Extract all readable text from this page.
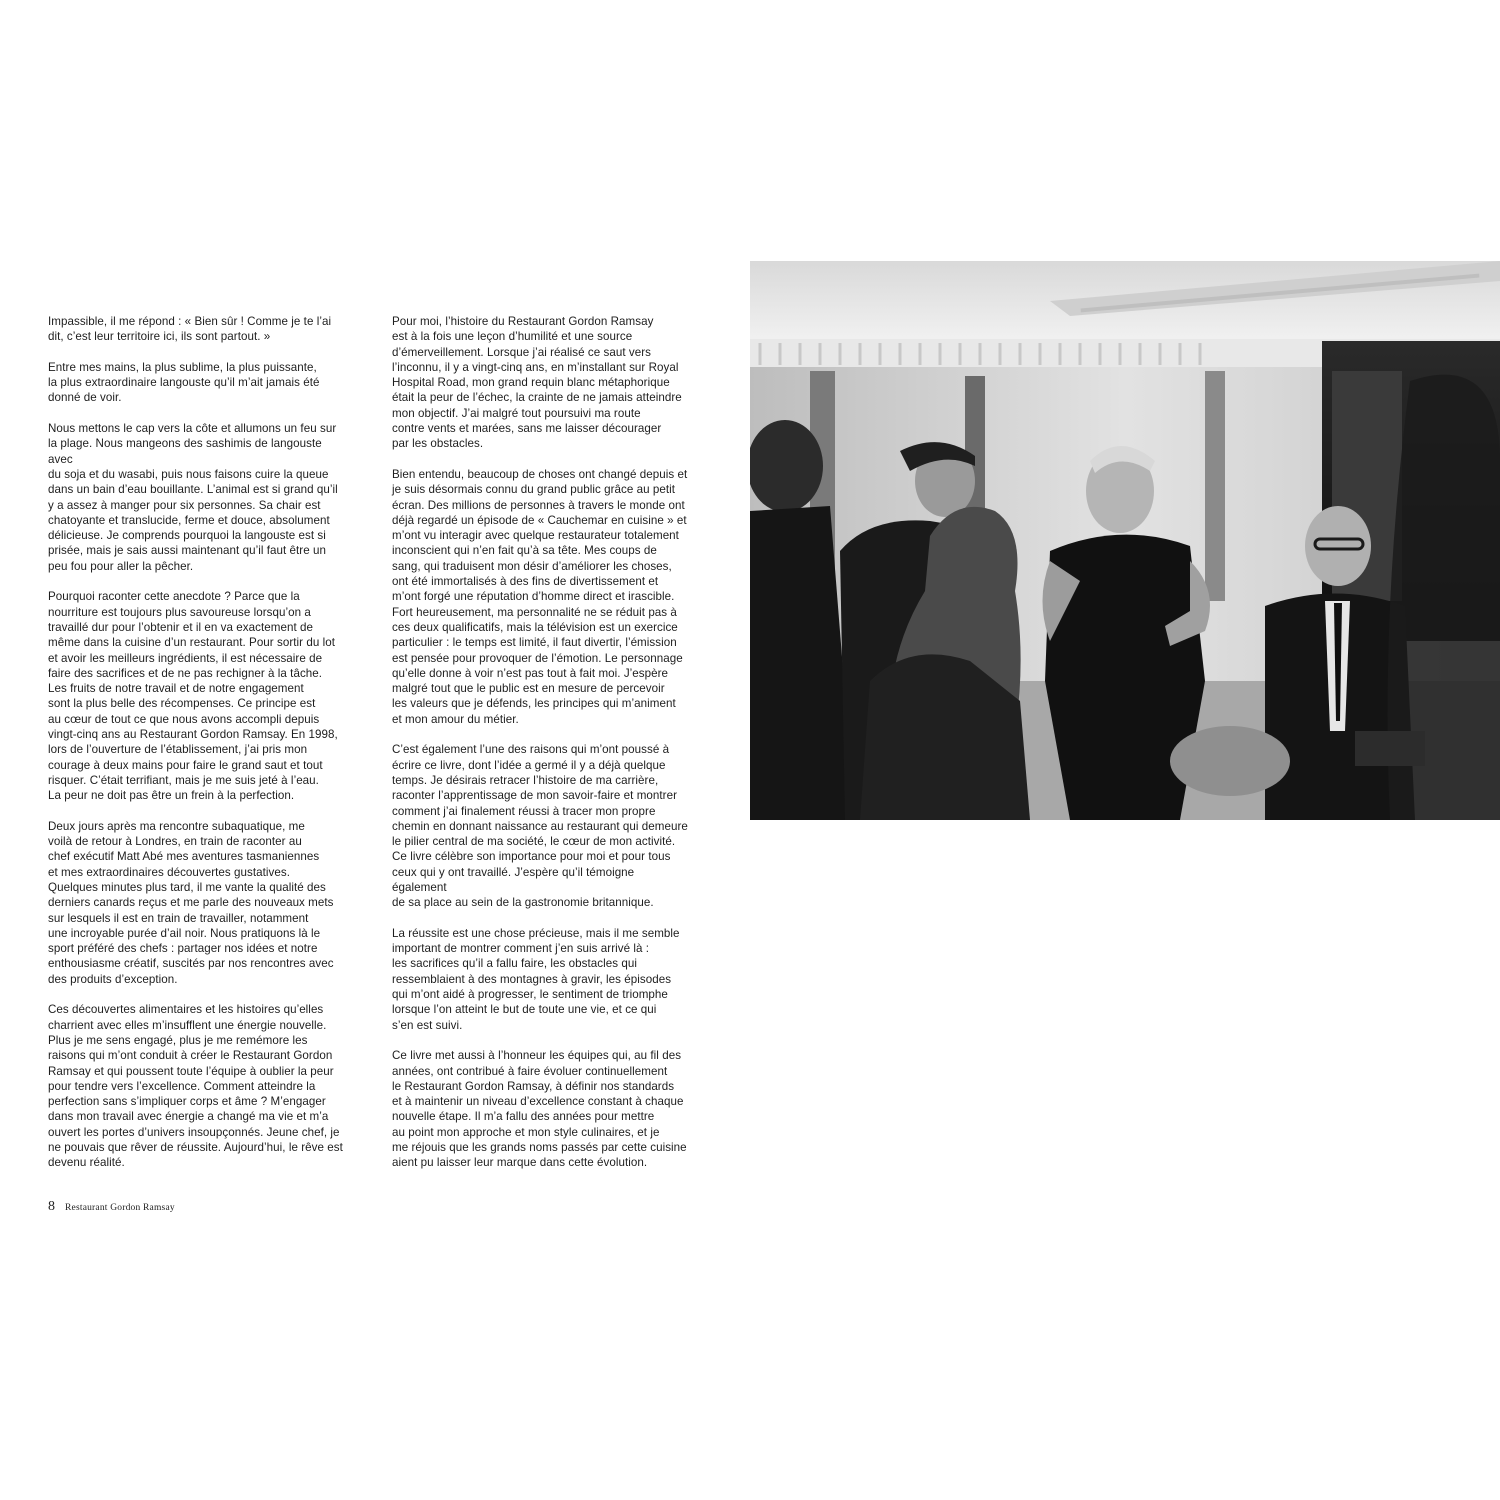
Impassible, il me répond : « Bien sûr ! Comme je te l’ai
dit, c’est leur territoire ici, ils sont partout. »

Entre mes mains, la plus sublime, la plus puissante,
la plus extraordinaire langouste qu’il m’ait jamais été
donné de voir.

Nous mettons le cap vers la côte et allumons un feu sur
la plage. Nous mangeons des sashimis de langouste avec
du soja et du wasabi, puis nous faisons cuire la queue
dans un bain d’eau bouillante. L’animal est si grand qu’il
y a assez à manger pour six personnes. Sa chair est
chatoyante et translucide, ferme et douce, absolument
délicieuse. Je comprends pourquoi la langouste est si
prisée, mais je sais aussi maintenant qu’il faut être un
peu fou pour aller la pêcher.

Pourquoi raconter cette anecdote ? Parce que la
nourriture est toujours plus savoureuse lorsqu’on a
travaillé dur pour l’obtenir et il en va exactement de
même dans la cuisine d’un restaurant. Pour sortir du lot
et avoir les meilleurs ingrédients, il est nécessaire de
faire des sacrifices et de ne pas rechigner à la tâche.
Les fruits de notre travail et de notre engagement
sont la plus belle des récompenses. Ce principe est
au cœur de tout ce que nous avons accompli depuis
vingt-cinq ans au Restaurant Gordon Ramsay. En 1998,
lors de l’ouverture de l’établissement, j’ai pris mon
courage à deux mains pour faire le grand saut et tout
risquer. C’était terrifiant, mais je me suis jeté à l’eau.
La peur ne doit pas être un frein à la perfection.

Deux jours après ma rencontre subaquatique, me
voilà de retour à Londres, en train de raconter au
chef exécutif Matt Abé mes aventures tasmaniennes
et mes extraordinaires découvertes gustatives.
Quelques minutes plus tard, il me vante la qualité des
derniers canards reçus et me parle des nouveaux mets
sur lesquels il est en train de travailler, notamment
une incroyable purée d’ail noir. Nous pratiquons là le
sport préféré des chefs : partager nos idées et notre
enthousiasme créatif, suscités par nos rencontres avec
des produits d’exception.

Ces découvertes alimentaires et les histoires qu’elles
charrient avec elles m’insufflent une énergie nouvelle.
Plus je me sens engagé, plus je me remémore les
raisons qui m’ont conduit à créer le Restaurant Gordon
Ramsay et qui poussent toute l’équipe à oublier la peur
pour tendre vers l’excellence. Comment atteindre la
perfection sans s’impliquer corps et âme ? M’engager
dans mon travail avec énergie a changé ma vie et m’a
ouvert les portes d’univers insoupçonnés. Jeune chef, je
ne pouvais que rêver de réussite. Aujourd’hui, le rêve est
devenu réalité.

Pour moi, l’histoire du Restaurant Gordon Ramsay
est à la fois une leçon d’humilité et une source
d’émerveillement. Lorsque j’ai réalisé ce saut vers
l’inconnu, il y a vingt-cinq ans, en m’installant sur Royal
Hospital Road, mon grand requin blanc métaphorique
était la peur de l’échec, la crainte de ne jamais atteindre
mon objectif. J’ai malgré tout poursuivi ma route
contre vents et marées, sans me laisser décourager
par les obstacles.

Bien entendu, beaucoup de choses ont changé depuis et
je suis désormais connu du grand public grâce au petit
écran. Des millions de personnes à travers le monde ont
déjà regardé un épisode de « Cauchemar en cuisine » et
m’ont vu interagir avec quelque restaurateur totalement
inconscient qui n’en fait qu’à sa tête. Mes coups de
sang, qui traduisent mon désir d’améliorer les choses,
ont été immortalisés à des fins de divertissement et
m’ont forgé une réputation d’homme direct et irascible.
Fort heureusement, ma personnalité ne se réduit pas à
ces deux qualificatifs, mais la télévision est un exercice
particulier : le temps est limité, il faut divertir, l’émission
est pensée pour provoquer de l’émotion. Le personnage
qu’elle donne à voir n’est pas tout à fait moi. J’espère
malgré tout que le public est en mesure de percevoir
les valeurs que je défends, les principes qui m’animent
et mon amour du métier.

C’est également l’une des raisons qui m’ont poussé à
écrire ce livre, dont l’idée a germé il y a déjà quelque
temps. Je désirais retracer l’histoire de ma carrière,
raconter l’apprentissage de mon savoir-faire et montrer
comment j’ai finalement réussi à tracer mon propre
chemin en donnant naissance au restaurant qui demeure
le pilier central de ma société, le cœur de mon activité.
Ce livre célèbre son importance pour moi et pour tous
ceux qui y ont travaillé. J’espère qu’il témoigne également
de sa place au sein de la gastronomie britannique.

La réussite est une chose précieuse, mais il me semble
important de montrer comment j’en suis arrivé là :
les sacrifices qu’il a fallu faire, les obstacles qui
ressemblaient à des montagnes à gravir, les épisodes
qui m’ont aidé à progresser, le sentiment de triomphe
lorsque l’on atteint le but de toute une vie, et ce qui
s’en est suivi.

Ce livre met aussi à l’honneur les équipes qui, au fil des
années, ont contribué à faire évoluer continuellement
le Restaurant Gordon Ramsay, à définir nos standards
et à maintenir un niveau d’excellence constant à chaque
nouvelle étape. Il m’a fallu des années pour mettre
au point mon approche et mon style culinaires, et je
me réjouis que les grands noms passés par cette cuisine
aient pu laisser leur marque dans cette évolution.

8 Restaurant Gordon Ramsay
